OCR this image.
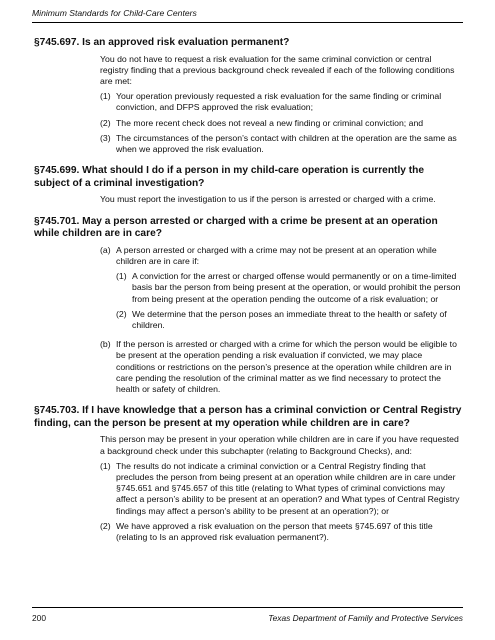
Minimum Standards for Child-Care Centers
§745.697. Is an approved risk evaluation permanent?
You do not have to request a risk evaluation for the same criminal conviction or central registry finding that a previous background check revealed if each of the following conditions are met:
(1) Your operation previously requested a risk evaluation for the same finding or criminal conviction, and DFPS approved the risk evaluation;
(2) The more recent check does not reveal a new finding or criminal conviction; and
(3) The circumstances of the person’s contact with children at the operation are the same as when we approved the risk evaluation.
§745.699. What should I do if a person in my child-care operation is currently the subject of a criminal investigation?
You must report the investigation to us if the person is arrested or charged with a crime.
§745.701. May a person arrested or charged with a crime be present at an operation while children are in care?
(a) A person arrested or charged with a crime may not be present at an operation while children are in care if:
(1) A conviction for the arrest or charged offense would permanently or on a time-limited basis bar the person from being present at the operation, or would prohibit the person from being present at the operation pending the outcome of a risk evaluation; or
(2) We determine that the person poses an immediate threat to the health or safety of children.
(b) If the person is arrested or charged with a crime for which the person would be eligible to be present at the operation pending a risk evaluation if convicted, we may place conditions or restrictions on the person’s presence at the operation while children are in care pending the resolution of the criminal matter as we find necessary to protect the health or safety of children.
§745.703. If I have knowledge that a person has a criminal conviction or Central Registry finding, can the person be present at my operation while children are in care?
This person may be present in your operation while children are in care if you have requested a background check under this subchapter (relating to Background Checks), and:
(1) The results do not indicate a criminal conviction or a Central Registry finding that precludes the person from being present at an operation while children are in care under §745.651 and §745.657 of this title (relating to What types of criminal convictions may affect a person’s ability to be present at an operation? and What types of Central Registry findings may affect a person’s ability to be present at an operation?); or
(2) We have approved a risk evaluation on the person that meets §745.697 of this title (relating to Is an approved risk evaluation permanent?).
200	Texas Department of Family and Protective Services
